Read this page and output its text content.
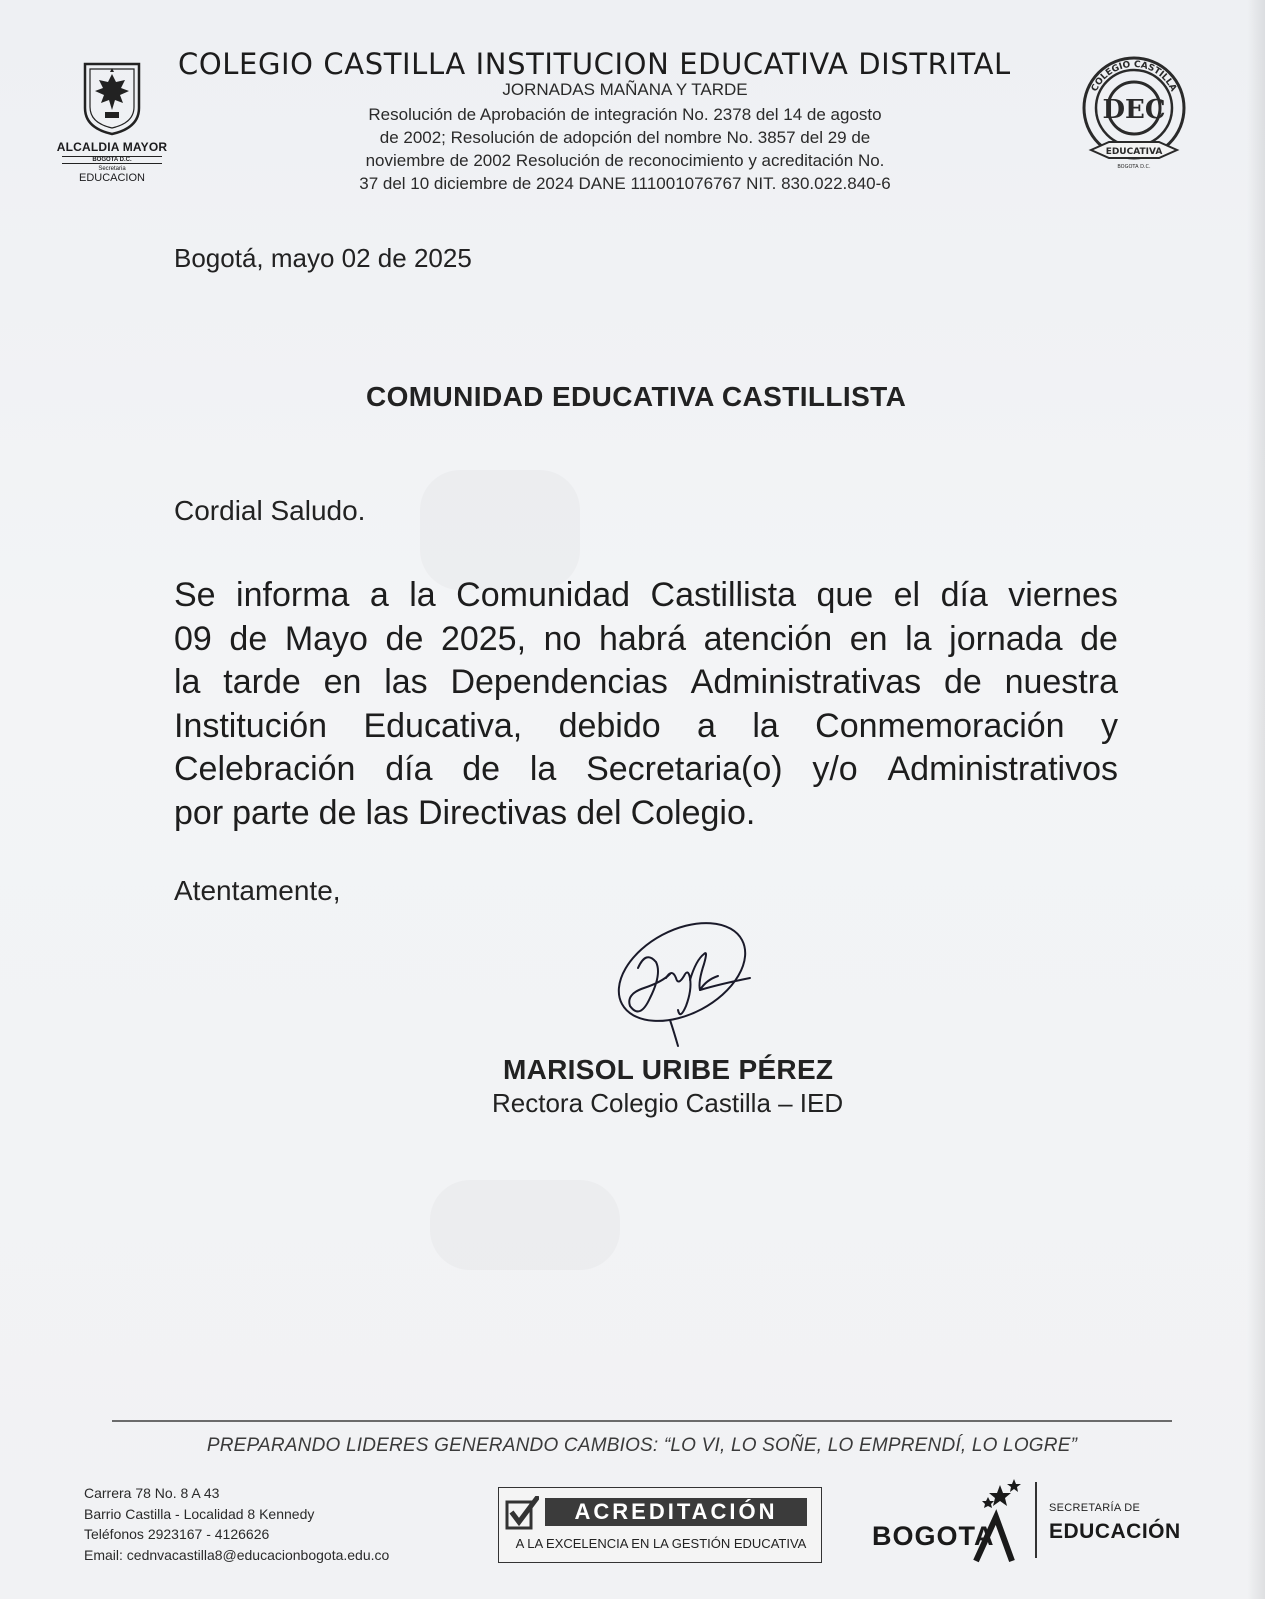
ALCALDIA MAYOR
BOGOTA D.C.
Secretaria
EDUCACION
COLEGIO CASTILLA INSTITUCION EDUCATIVA DISTRITAL
JORNADAS MAÑANA Y TARDE
Resolución de Aprobación de integración No. 2378 del 14 de agosto
de 2002; Resolución de adopción del nombre No. 3857 del 29 de
noviembre de 2002 Resolución de reconocimiento y acreditación No.
37 del 10 diciembre de 2024 DANE 111001076767 NIT. 830.022.840-6
COLEGIO CASTILLA
DEC
EDUCATIVA
BOGOTA D.C.
Bogotá, mayo 02 de 2025
COMUNIDAD EDUCATIVA CASTILLISTA
Cordial Saludo.
Se informa a la Comunidad Castillista que el día viernes
09 de Mayo de 2025, no habrá atención en la jornada de
la tarde en las Dependencias Administrativas de nuestra
Institución Educativa, debido a la Conmemoración y
Celebración día de la Secretaria(o) y/o Administrativos
por parte de las Directivas del Colegio.
Atentamente,
MARISOL URIBE PÉREZ
Rectora Colegio Castilla – IED
PREPARANDO LIDERES GENERANDO CAMBIOS: “LO VI, LO SOÑE, LO EMPRENDÍ, LO LOGRE”
Carrera 78 No. 8 A 43
Barrio Castilla - Localidad 8 Kennedy
Teléfonos 2923167 - 4126626
Email: cednvacastilla8@educacionbogota.edu.co
ACREDITACIÓN
A LA EXCELENCIA EN LA GESTIÓN EDUCATIVA	BOGOTA
SECRETARÍA DE
EDUCACIÓN
